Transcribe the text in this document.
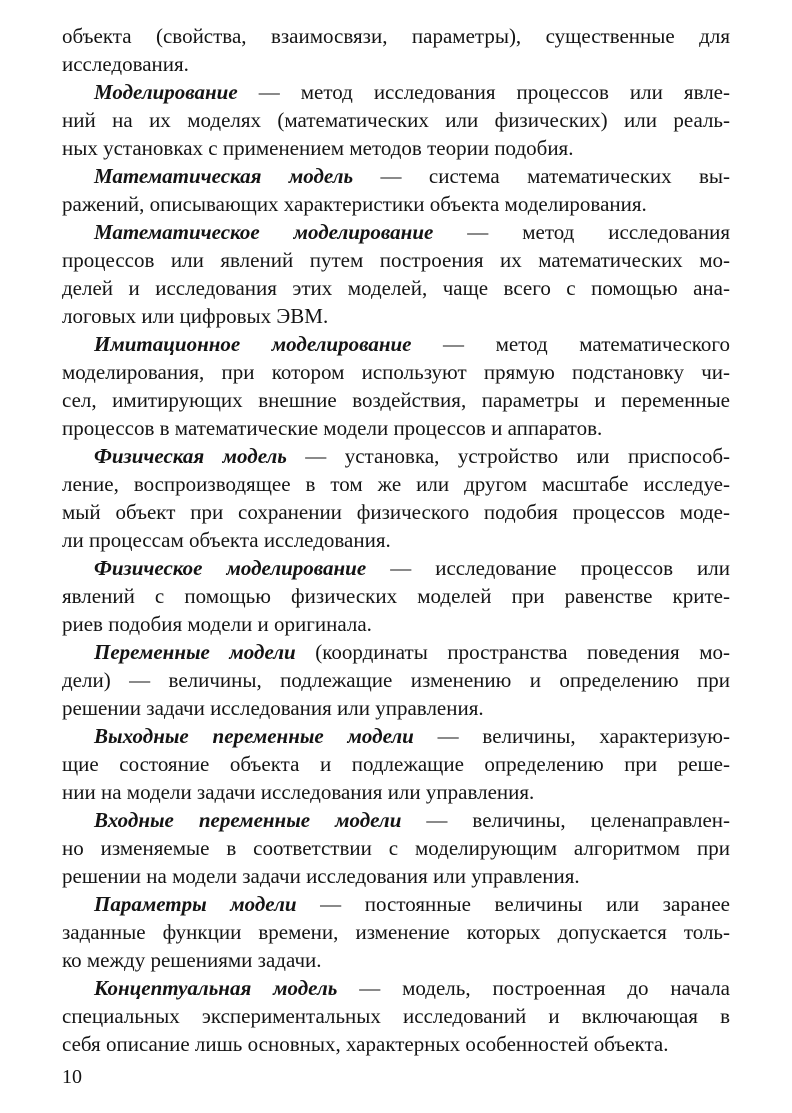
объекта (свойства, взаимосвязи, параметры), существенные для
исследования.
Моделирование — метод исследования процессов или явле-
ний на их моделях (математических или физических) или реаль-
ных установках с применением методов теории подобия.
Математическая модель — система математических вы-
ражений, описывающих характеристики объекта моделирования.
Математическое моделирование — метод исследования
процессов или явлений путем построения их математических мо-
делей и исследования этих моделей, чаще всего с помощью ана-
логовых или цифровых ЭВМ.
Имитационное моделирование — метод математического
моделирования, при котором используют прямую подстановку чи-
сел, имитирующих внешние воздействия, параметры и переменные
процессов в математические модели процессов и аппаратов.
Физическая модель — установка, устройство или приспособ-
ление, воспроизводящее в том же или другом масштабе исследуе-
мый объект при сохранении физического подобия процессов моде-
ли процессам объекта исследования.
Физическое моделирование — исследование процессов или
явлений с помощью физических моделей при равенстве крите-
риев подобия модели и оригинала.
Переменные модели (координаты пространства поведения мо-
дели) — величины, подлежащие изменению и определению при
решении задачи исследования или управления.
Выходные переменные модели — величины, характеризую-
щие состояние объекта и подлежащие определению при реше-
нии на модели задачи исследования или управления.
Входные переменные модели — величины, целенаправлен-
но изменяемые в соответствии с моделирующим алгоритмом при
решении на модели задачи исследования или управления.
Параметры модели — постоянные величины или заранее
заданные функции времени, изменение которых допускается толь-
ко между решениями задачи.
Концептуальная модель — модель, построенная до начала
специальных экспериментальных исследований и включающая в
себя описание лишь основных, характерных особенностей объекта.
10
